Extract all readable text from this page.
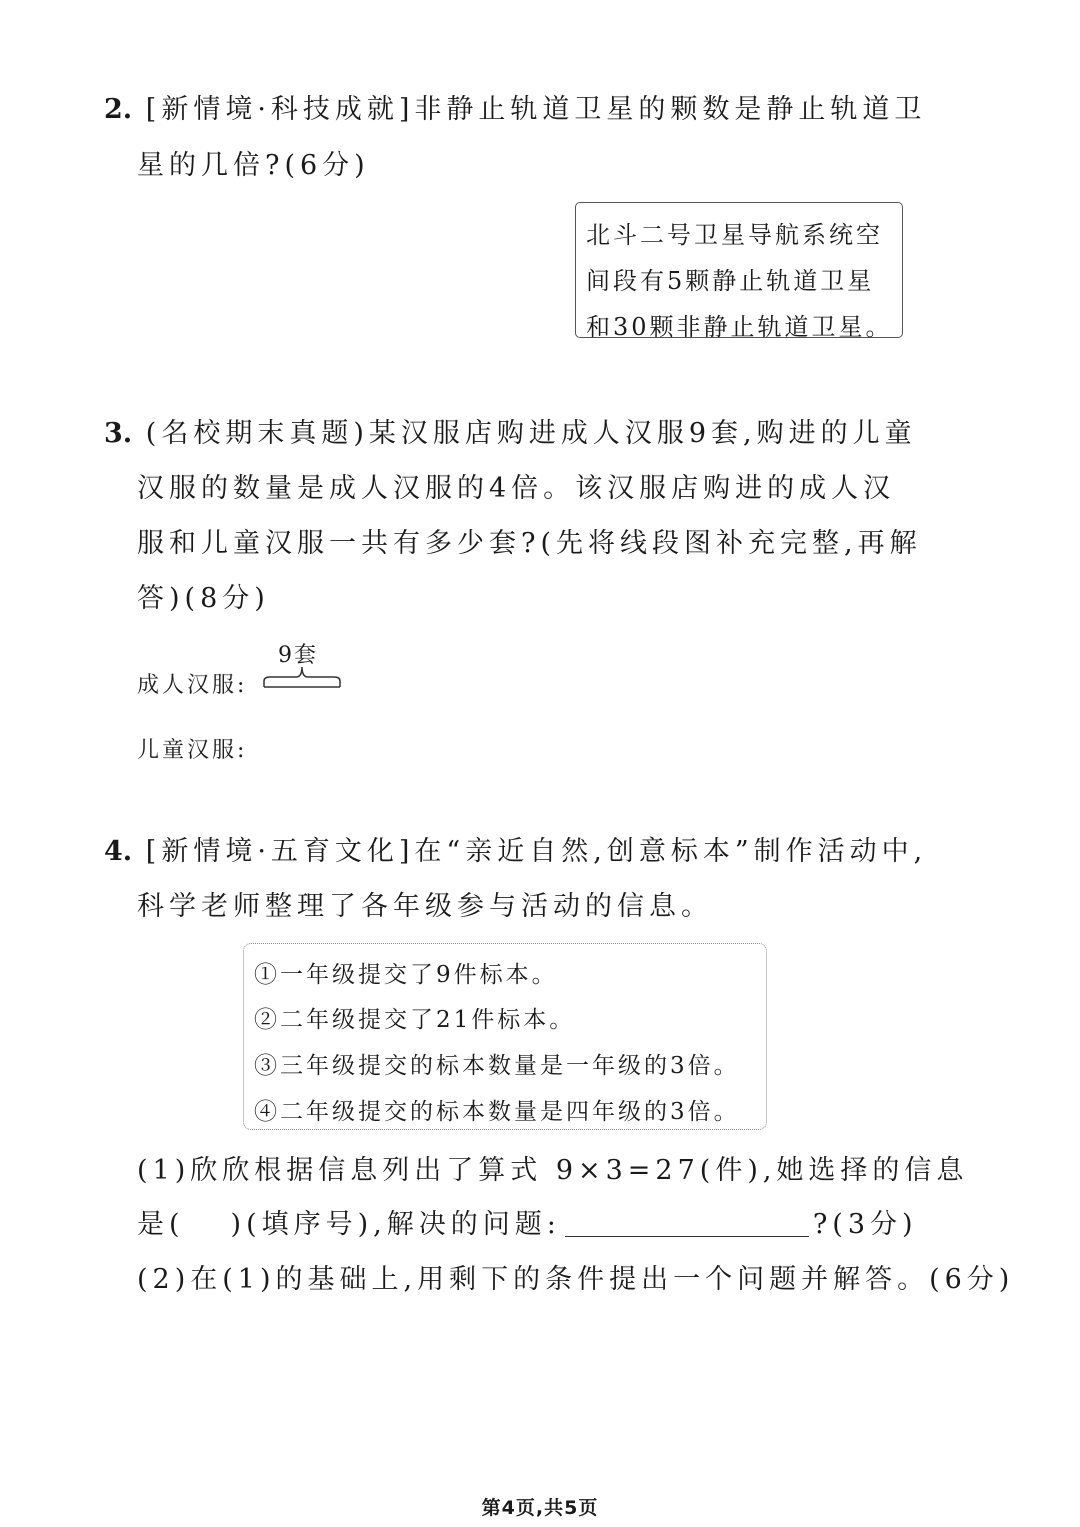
2. [新情境·科技成就]非静止轨道卫星的颗数是静止轨道卫
星的几倍?(6分)
北斗二号卫星导航系统空
间段有5颗静止轨道卫星
和30颗非静止轨道卫星。
3. (名校期末真题)某汉服店购进成人汉服9套,购进的儿童
汉服的数量是成人汉服的4倍。该汉服店购进的成人汉
服和儿童汉服一共有多少套?(先将线段图补充完整,再解
答)(8分)
9套
成人汉服:
儿童汉服:
4. [新情境·五育文化]在“亲近自然,创意标本”制作活动中,
科学老师整理了各年级参与活动的信息。
①一年级提交了9件标本。
②二年级提交了21件标本。
③三年级提交的标本数量是一年级的3倍。
④二年级提交的标本数量是四年级的3倍。
(1)欣欣根据信息列出了算式 9×3=27(件),她选择的信息
是( )(填序号),解决的问题:	?(3分)
(2)在(1)的基础上,用剩下的条件提出一个问题并解答。(6分)
第4页,共5页
